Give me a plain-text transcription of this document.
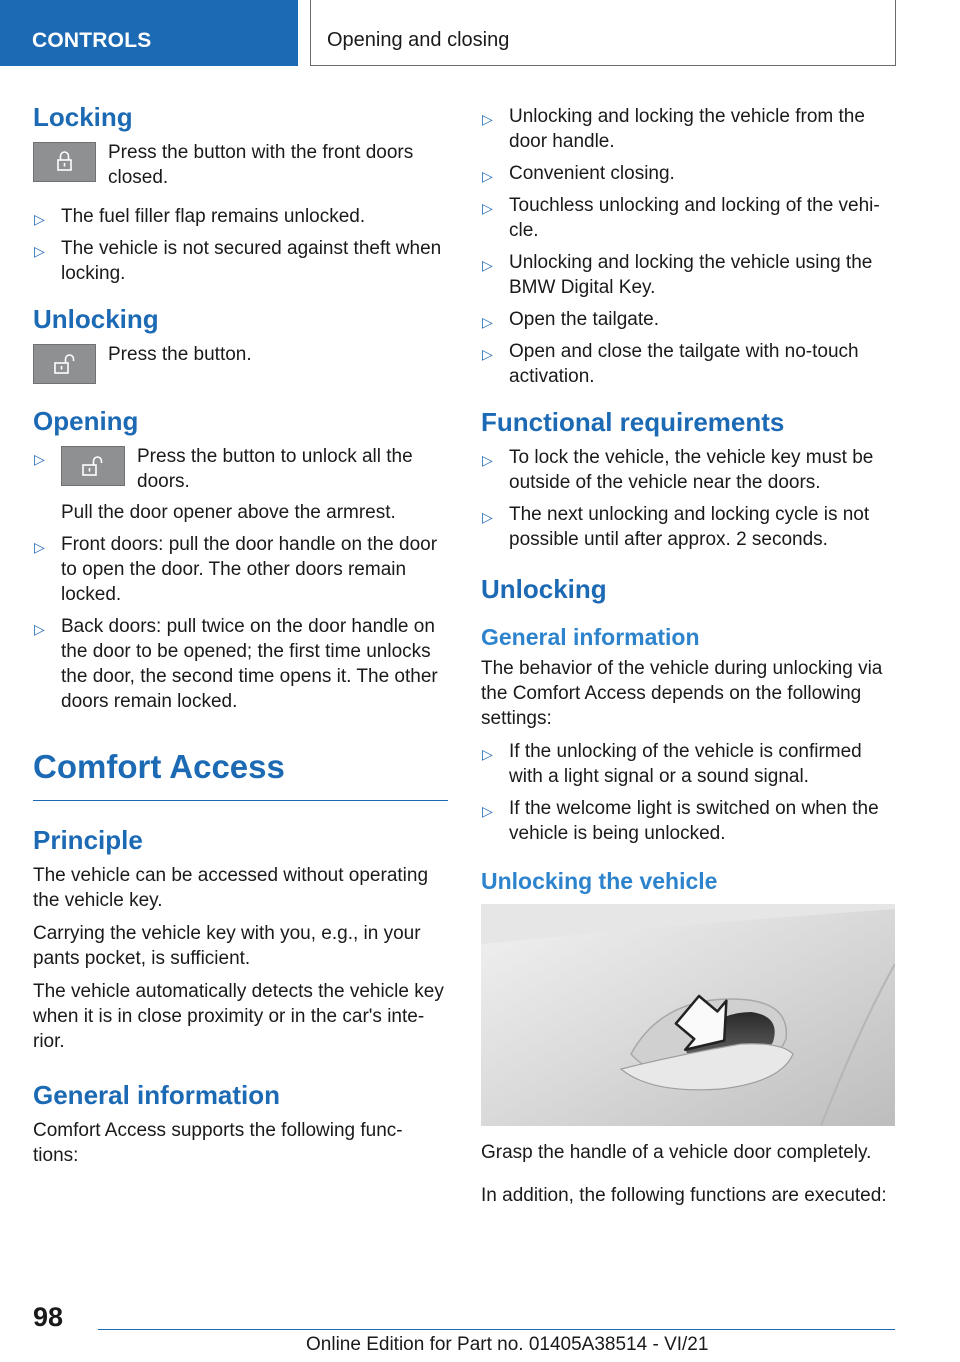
CONTROLS	Opening and closing
Locking
Press the button with the front doors closed.
▷ The fuel filler flap remains unlocked.
▷ The vehicle is not secured against theft when locking.
Unlocking
Press the button.
Opening
▷	Press the button to unlock all the doors.
Pull the door opener above the armrest.
▷ Front doors: pull the door handle on the door to open the door. The other doors remain locked.
▷ Back doors: pull twice on the door handle on the door to be opened; the first time unlocks the door, the second time opens it. The other doors remain locked.
Comfort Access
Principle
The vehicle can be accessed without operating the vehicle key.
Carrying the vehicle key with you, e.g., in your pants pocket, is sufficient.
The vehicle automatically detects the vehicle key when it is in close proximity or in the car's inte-rior.
General information
Comfort Access supports the following func-tions:
▷ Unlocking and locking the vehicle from the door handle.
▷ Convenient closing.
▷ Touchless unlocking and locking of the vehi-cle.
▷ Unlocking and locking the vehicle using the BMW Digital Key.
▷ Open the tailgate.
▷ Open and close the tailgate with no-touch activation.
Functional requirements
▷ To lock the vehicle, the vehicle key must be outside of the vehicle near the doors.
▷ The next unlocking and locking cycle is not possible until after approx. 2 seconds.
Unlocking
General information
The behavior of the vehicle during unlocking via the Comfort Access depends on the following settings:
▷ If the unlocking of the vehicle is confirmed with a light signal or a sound signal.
▷ If the welcome light is switched on when the vehicle is being unlocked.
Unlocking the vehicle
Grasp the handle of a vehicle door completely.
In addition, the following functions are executed:
98
Online Edition for Part no. 01405A38514 - VI/21
